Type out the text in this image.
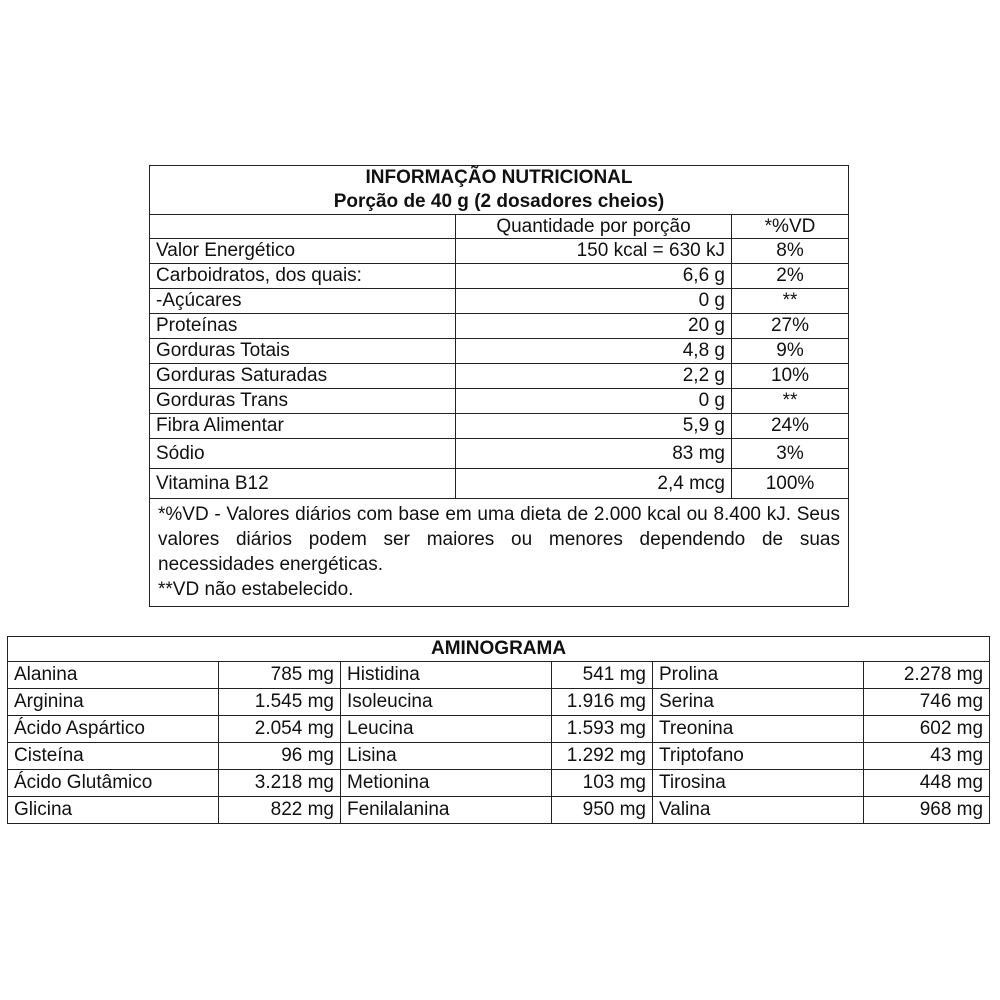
INFORMAÇÃO NUTRICIONAL		
Porção de 40 g (2 dosadores cheios)		
	Quantidade por porção	*%VD
Valor Energético	150 kcal = 630 kJ	8%
Carboidratos, dos quais:	6,6 g	2%
-Açúcares	0 g	**
Proteínas	20 g	27%
Gorduras Totais	4,8 g	9%
Gorduras Saturadas	2,2 g	10%
Gorduras Trans	0 g	**
Fibra Alimentar	5,9 g	24%
Sódio	83 mg	3%
Vitamina B12	2,4 mcg	100%

*%VD - Valores diários com base em uma dieta de 2.000 kcal ou 8.400 kJ. Seus valores diários podem ser maiores ou menores dependendo de suas necessidades energéticas.

**VD não estabelecido.		

AMINOGRAMA					
Alanina	785 mg	Histidina	541 mg	Prolina	2.278 mg
Arginina	1.545 mg	Isoleucina	1.916 mg	Serina	746 mg
Ácido Aspártico	2.054 mg	Leucina	1.593 mg	Treonina	602 mg
Cisteína	96 mg	Lisina	1.292 mg	Triptofano	43 mg
Ácido Glutâmico	3.218 mg	Metionina	103 mg	Tirosina	448 mg
Glicina	822 mg	Fenilalanina	950 mg	Valina	968 mg
